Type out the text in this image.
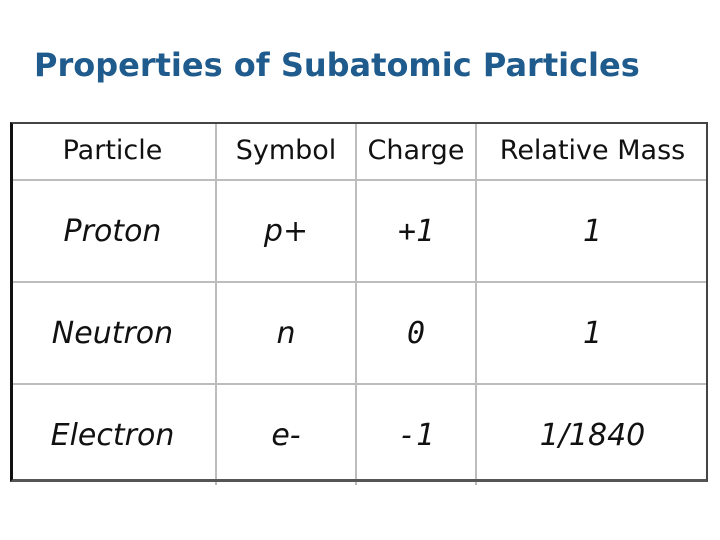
Properties of Subatomic Particles
Particle	Symbol	Charge	Relative Mass
Proton	p+	+1	1
Neutron	n	0	1
Electron	e-	-1	1/1840
